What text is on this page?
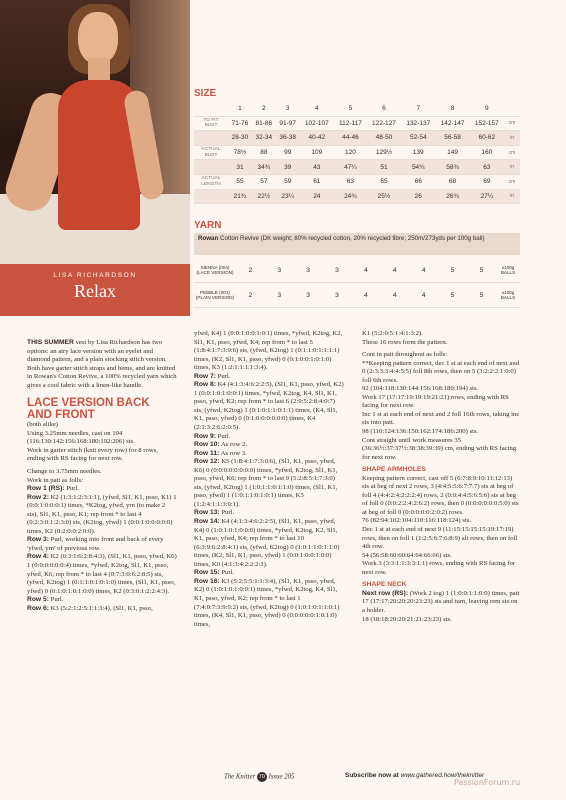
LISA RICHARDSON
Relax
SIZE
	1	2	3	4	5	6	7	8	9	
TO FIT
BUST	71-76	81-86	91-97	102-107	112-117	122-127	132-137	142-147	152-157	cm
	28-30	32-34	36-38	40-42	44-46	48-50	52-54	56-58	60-62	in
ACTUAL
BUST	78½	88	99	109	120	129½	139	149	160	cm
	31	34¾	39	43	47¼	51	54¾	58¾	63	in
ACTUAL
LENGTH	55	57	59	61	63	65	66	68	69	cm
	21¾	22½	23¼	24	24¾	25½	26	26¾	27¼	in
YARN
Rowan Cotton Revive (DK weight; 80% recycled cotton, 20% recycled fibre; 250m/273yds per 100g ball)
SIENNA (004)
(LACE VERSION)	2	3	3	3	4	4	4	5	5	x100g
BALLS
PEBBLE (001)
(PLAIN VERSION)	2	3	3	3	4	4	4	5	5	x100g
BALLS

THIS SUMMER vest by Lisa Richardson has two options: an airy lace version with an eyelet and diamond pattern, and a plain stocking stitch version. Both have garter stitch straps and hems, and are knitted in Rowan's Cotton Revive, a 100% recycled yarn which gives a cool fabric with a linen-like handle.

LACE VERSION BACK AND FRONT

(both alike)

Using 3.25mm needles, cast on 104 (116:130:142:156:168:180:192:206) sts.

Work in garter stitch (knit every row) for 8 rows, ending with RS facing for next row.

Change to 3.75mm needles.

Work in patt as folls:

Row 1 (RS): Purl.

Row 2: K2 (1:3:1:2:3:1:1), (yfwd, Sl1, K1, psso, K1) 1 (0:0:1:0:0:0:1) times, *K2tog, yfwd, yrn (to make 2 sts), Sl1, K1, psso, K1; rep from * to last 4 (0:2:3:0:1:2:3:0) sts, (K2tog, yfwd) 1 (0:0:1:0:0:0:0:0) times, K2 (0:2:0:0:2:0:0).

Row 3: Purl, working into front and back of every 'yfwd, yrn' of previous row.

Row 4: K2 (6:3:1:6:2:8:4:3), (Sl1, K1, psso, yfwd, K6) 1 (0:0:0:0:0:0:4) times, *yfwd, K2tog, Sl1, K1, psso, yfwd, K6; rep from * to last 4 (0:7:3:0:6:2:8:5) sts, (yfwd, K2tog) 1 (0:1:1:0:1:0:1:0) times, (Sl1, K1, psso, yfwd) 0 (0:1:0:1:0:1:0:0) times, K2 (0:3:0:1:2:2:4:3).

Row 5: Purl.

Row 6: K3 (5:2:1:2:5:1:1:3:4), (Sl1, K1, psso,

yfwd, K4) 1 (0:0:1:0:0:1:0:1) times, *yfwd, K2tog, K2, Sl1, K1, psso, yfwd, K4; rep from * to last 5 (1:8:4:1:7:3:9:6) sts, (yfwd, K2tog) 1 (0:1:1:0:1:1:1:1) times, (K2, Sl1, K1, psso, yfwd) 0 (0:1:0:0:1:0:1:0) times, K3 (1:2:1:1:1:1:3:4).

Row 7: Purl.

Row 8: K4 (4:1:3:4:6:2:2:5), (Sl1, K1, psso, yfwd, K2) 1 (0:0:1:0:1:0:0:1) times, *yfwd, K2tog, K4, Sl1, K1, psso, yfwd, K2; rep from * to last 6 (2:9:5:2:8:4:0:7) sts, (yfwd, K2tog) 1 (0:1:0:1:1:0:1:1) times, (K4, Sl1, K1, psso, yfwd) 0 (0:1:0:0:0:0:0:0) times, K4 (2:1:3:2:6:2:0:5).

Row 9: Purl.

Row 10: As row 2.

Row 11: As row 3.

Row 12: K5 (1:8:4:1:7:3:0:6), (Sl1, K1, psso, yfwd, K6) 0 (0:0:0:0:0:0:0:0) times, *yfwd, K2tog, Sl1, K1, psso, yfwd, K6; rep from * to last 9 (5:2:8:5:1:7:3:0) sts, (yfwd, K2tog) 1 (1:0:1:1:0:1:1:0) times, (Sl1, K1, psso, yfwd) 1 (1:0:1:1:0:1:0:1) times, K5 (1:2:4:1:1:3:0:1).

Row 13: Purl.

Row 14: K4 (4:1:3:4:6:2:2:5), (Sl1, K1, psso, yfwd, K4) 0 (1:0:1:0:1:0:0:0) times, *yfwd, K2tog, K2, Sl1, K1, psso, yfwd, K4; rep from * to last 10 (6:3:9:6:2:8:4:1) sts, (yfwd, K2tog) 0 (1:0:1:1:0:1:1:0) times, (K2, Sl1, K1, psso, yfwd) 1 (0:0:1:0:0:1:0:0) times, K0 (4:1:3:4:2:2:2:1).

Row 15: Purl.

Row 16: K3 (5:2:5:5:1:1:3:4), (Sl1, K1, psso, yfwd, K2) 0 (1:0:1:0:1:0:0:1) times, *yfwd, K2tog, K4, Sl1, K1, psso, yfwd, K2; rep from * to last 1 (7:4:0:7:3:9:5:2) sts, (yfwd, K2tog) 0 (1:0:1:0:1:1:0:1) times, (K4, Sl1, K1, psso, yfwd) 0 (0:0:0:0:0:1:0:1:0) times,

K1 (5:2:0:5:1:4:1:3:2).

These 16 rows form the pattern.

Cont in patt throughout as folls:

**Keeping pattern correct, dec 1 st at each end of next and 0 (2:3:3:3:4:4:5:5) foll 8th rows, then on 5 (3:2:2:2:1:0:0) foll 6th rows.

92 (104:118:130:144:156:168:180:194) sts.

Work 17 (17:17:19:19:19:21:21) rows, ending with RS facing for next row.

Inc 1 st at each end of next and 2 foll 16th rows, taking inc sts into patt.

98 (110:124:136:150:162:174:186:200) sts.

Cont straight until work measures 35 (36:36½:37:37½:38:38:39:39) cm, ending with RS facing for next row.

SHAPE ARMHOLES

Keeping pattern correct, cast off 5 (6:7:8:9:10:11:12:13) sts at beg of next 2 rows, 3 (4:4:5:5:6:7:7:7) sts at beg of foll 4 (4:4:2:4:2:2:2:4) rows, 2 (0:0:4:4:5:6:5:6) sts at beg of foll 0 (0:0:2:2:4:2:6:2) rows, then 0 (0:0:0:0:0:0:5:0) sts at beg of foll 0 (0:0:0:0:0:2:0:2) rows.

76 (82:94:102:104:110:116:118:124) sts.

Dec 1 st at each end of next 9 (11:15:15:15:15:19:17:19) rows, then on foll 1 (1:2:5:6:7:6:8:9) alt rows, then on foll 4th row.

54 (56:58:60:60:64:64:66:66) sts.

Work 3 (3:3:1:1:3:3:1:1) rows, ending with RS facing for next row.

SHAPE NECK

Next row (RS): (Work 2 tog) 1 (1:0:0:1:1:0:0) times, patt 17 (17:17:20:20:20:23:23) sts and turn, leaving rem sts on a holder.

18 (18:18:20:20:21:21:23:23) sts.

The Knitter 70 Issue 205	Subscribe now at www.gathered.how/theknitter
PassionForum.ru
